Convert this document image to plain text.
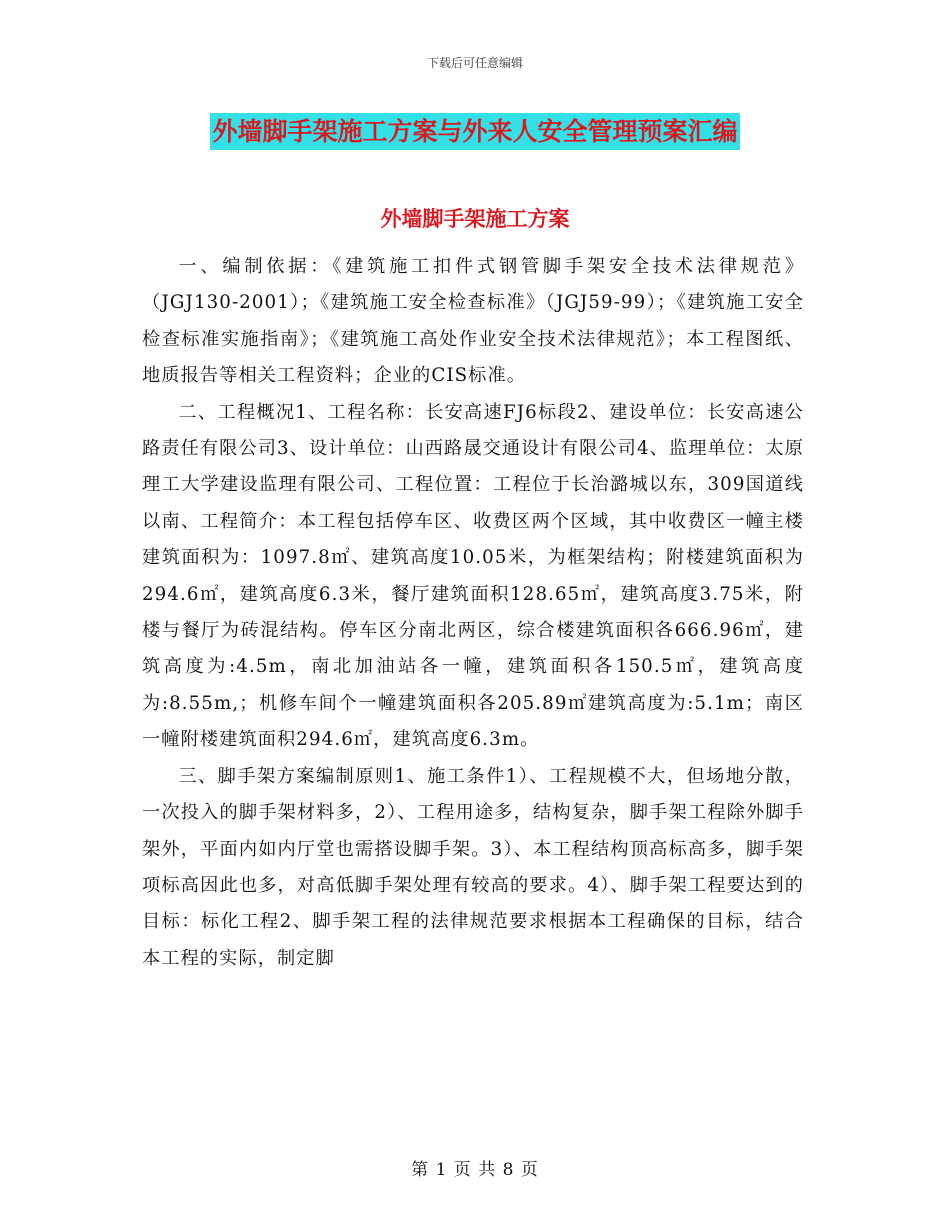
下载后可任意编辑
外墙脚手架施工方案与外来人安全管理预案汇编
外墙脚手架施工方案

一、编制依据：《建筑施工扣件式钢管脚手架安全技术法律规范》（JGJ130-2001）；《建筑施工安全检查标准》（JGJ59-99）；《建筑施工安全检查标准实施指南》；《建筑施工高处作业安全技术法律规范》；本工程图纸、地质报告等相关工程资料；企业的CIS标准。

二、工程概况1、工程名称：长安高速FJ6标段2、建设单位：长安高速公路责任有限公司3、设计单位：山西路晟交通设计有限公司4、监理单位：太原理工大学建设监理有限公司、工程位置：工程位于长治潞城以东，309国道线以南、工程简介：本工程包括停车区、收费区两个区域，其中收费区一幢主楼建筑面积为：1097.8㎡、建筑高度10.05米，为框架结构；附楼建筑面积为294.6㎡，建筑高度6.3米，餐厅建筑面积128.65㎡，建筑高度3.75米，附楼与餐厅为砖混结构。停车区分南北两区，综合楼建筑面积各666.96㎡，建筑高度为:4.5m，南北加油站各一幢，建筑面积各150.5㎡，建筑高度为:8.55m,；机修车间个一幢建筑面积各205.89㎡建筑高度为:5.1m；南区一幢附楼建筑面积294.6㎡，建筑高度6.3m。

三、脚手架方案编制原则1、施工条件1）、工程规模不大，但场地分散，一次投入的脚手架材料多，2）、工程用途多，结构复杂，脚手架工程除外脚手架外，平面内如内厅堂也需搭设脚手架。3）、本工程结构顶高标高多，脚手架项标高因此也多，对高低脚手架处理有较高的要求。4）、脚手架工程要达到的目标：标化工程2、脚手架工程的法律规范要求根据本工程确保的目标，结合本工程的实际，制定脚

第 1 页 共 8 页
